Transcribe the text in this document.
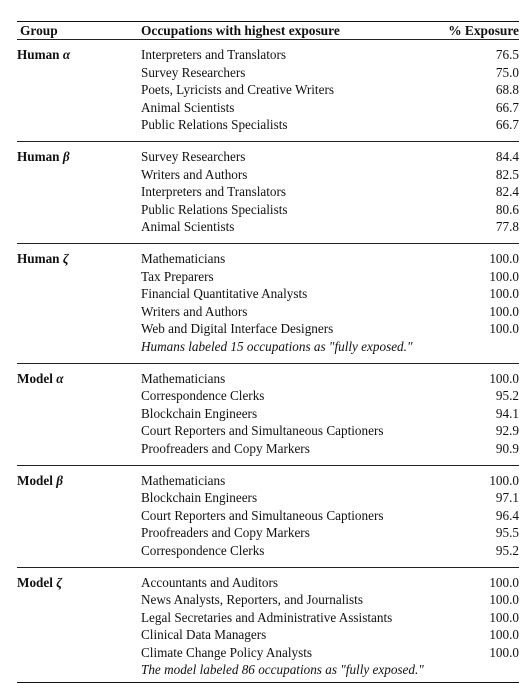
Group	Occupations with highest exposure	% Exposure
Human α	Interpreters and Translators	76.5
	Survey Researchers	75.0
	Poets, Lyricists and Creative Writers	68.8
	Animal Scientists	66.7
	Public Relations Specialists	66.7
Human β	Survey Researchers	84.4
	Writers and Authors	82.5
	Interpreters and Translators	82.4
	Public Relations Specialists	80.6
	Animal Scientists	77.8
Human ζ	Mathematicians	100.0
	Tax Preparers	100.0
	Financial Quantitative Analysts	100.0
	Writers and Authors	100.0
	Web and Digital Interface Designers	100.0
	Humans labeled 15 occupations as "fully exposed."	
Model α	Mathematicians	100.0
	Correspondence Clerks	95.2
	Blockchain Engineers	94.1
	Court Reporters and Simultaneous Captioners	92.9
	Proofreaders and Copy Markers	90.9
Model β	Mathematicians	100.0
	Blockchain Engineers	97.1
	Court Reporters and Simultaneous Captioners	96.4
	Proofreaders and Copy Markers	95.5
	Correspondence Clerks	95.2
Model ζ	Accountants and Auditors	100.0
	News Analysts, Reporters, and Journalists	100.0
	Legal Secretaries and Administrative Assistants	100.0
	Clinical Data Managers	100.0
	Climate Change Policy Analysts	100.0
	The model labeled 86 occupations as "fully exposed."	
